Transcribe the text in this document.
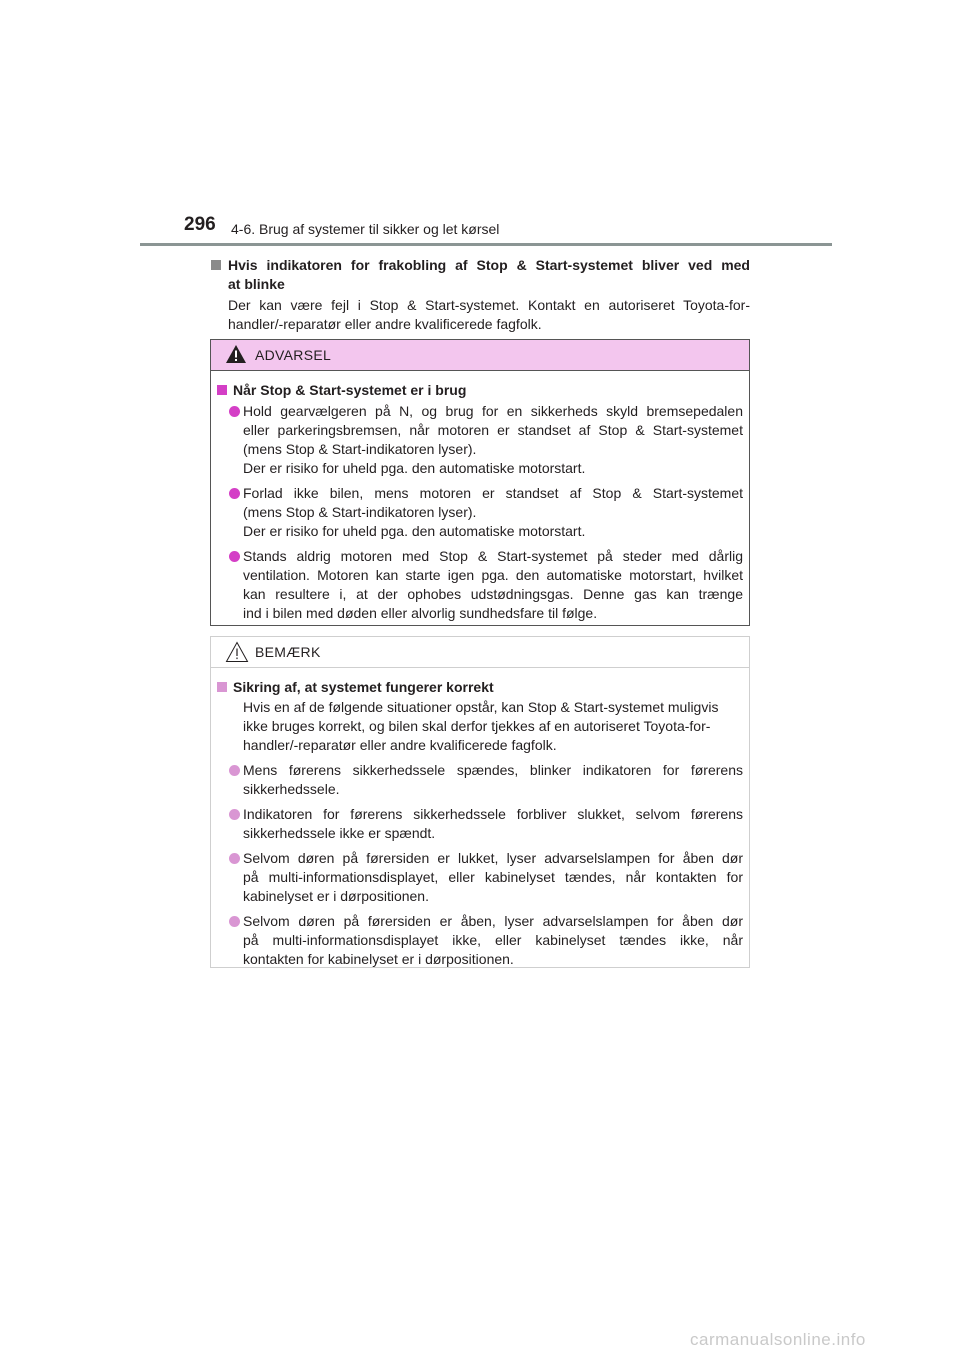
296 4-6. Brug af systemer til sikker og let kørsel
Hvis indikatoren for frakobling af Stop & Start-systemet bliver ved med
at blinke
Der kan være fejl i Stop & Start-systemet. Kontakt en autoriseret Toyota-for-
handler/-reparatør eller andre kvalificerede fagfolk.
ADVARSEL
Når Stop & Start-systemet er i brug
Hold gearvælgeren på N, og brug for en sikkerheds skyld bremsepedalen
eller parkeringsbremsen, når motoren er standset af Stop & Start-systemet
(mens Stop & Start-indikatoren lyser).
Der er risiko for uheld pga. den automatiske motorstart.
Forlad ikke bilen, mens motoren er standset af Stop & Start-systemet
(mens Stop & Start-indikatoren lyser).
Der er risiko for uheld pga. den automatiske motorstart.
Stands aldrig motoren med Stop & Start-systemet på steder med dårlig
ventilation. Motoren kan starte igen pga. den automatiske motorstart, hvilket
kan resultere i, at der ophobes udstødningsgas. Denne gas kan trænge
ind i bilen med døden eller alvorlig sundhedsfare til følge.
BEMÆRK
Sikring af, at systemet fungerer korrekt
Hvis en af de følgende situationer opstår, kan Stop & Start-systemet muligvis
ikke bruges korrekt, og bilen skal derfor tjekkes af en autoriseret Toyota-for-
handler/-reparatør eller andre kvalificerede fagfolk.
Mens førerens sikkerhedssele spændes, blinker indikatoren for førerens
sikkerhedssele.
Indikatoren for førerens sikkerhedssele forbliver slukket, selvom førerens
sikkerhedssele ikke er spændt.
Selvom døren på førersiden er lukket, lyser advarselslampen for åben dør
på multi-informationsdisplayet, eller kabinelyset tændes, når kontakten for
kabinelyset er i dørpositionen.
Selvom døren på førersiden er åben, lyser advarselslampen for åben dør
på multi-informationsdisplayet ikke, eller kabinelyset tændes ikke, når
kontakten for kabinelyset er i dørpositionen.
carmanualsonline.info
